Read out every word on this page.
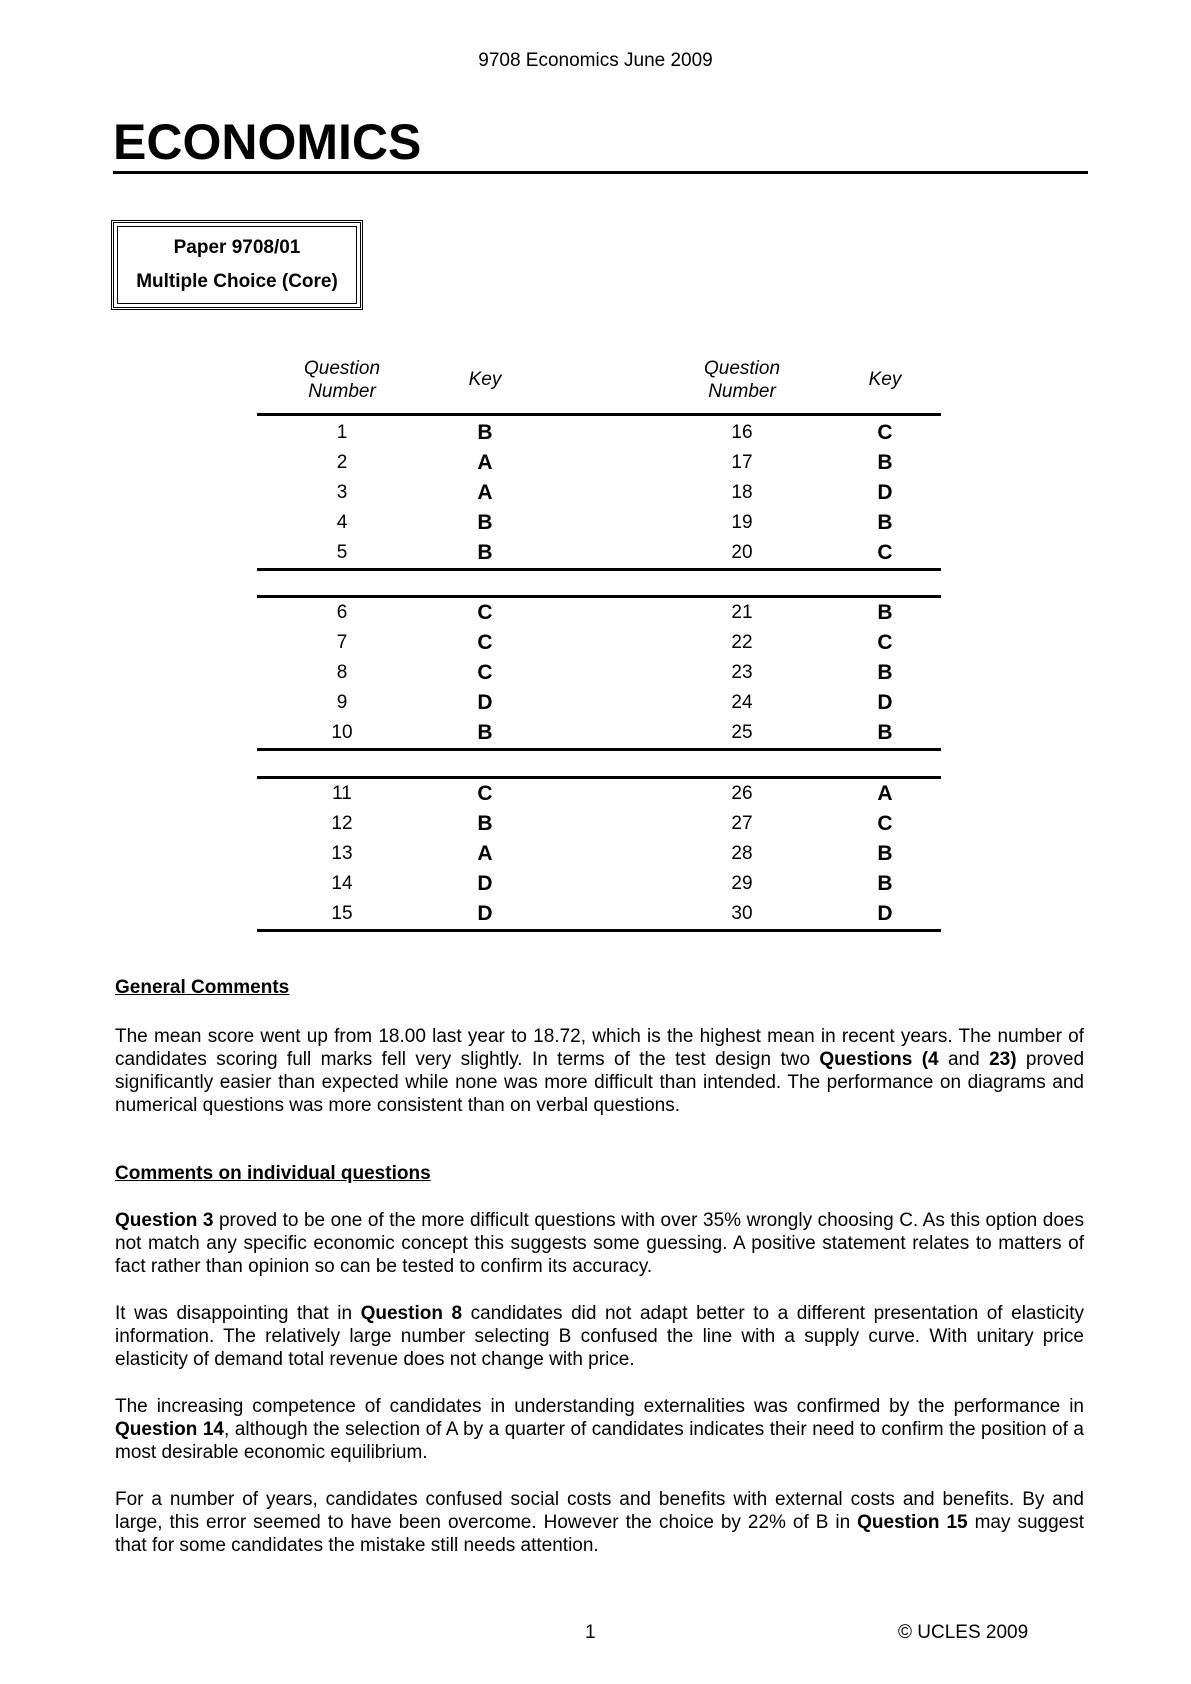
9708 Economics June 2009
ECONOMICS
Paper 9708/01
Multiple Choice (Core)
Question
Number
Key
Question
Number
Key
1	B	16	C
2	A	17	B
3	A	18	D
4	B	19	B
5	B	20	C
6	C	21	B
7	C	22	C
8	C	23	B
9	D	24	D
10	B	25	B
11	C	26	A
12	B	27	C
13	A	28	B
14	D	29	B
15	D	30	D
General Comments

The mean score went up from 18.00 last year to 18.72, which is the highest mean in recent years. The number of candidates scoring full marks fell very slightly. In terms of the test design two Questions (4 and 23) proved significantly easier than expected while none was more difficult than intended. The performance on diagrams and numerical questions was more consistent than on verbal questions.

Comments on individual questions

Question 3 proved to be one of the more difficult questions with over 35% wrongly choosing C. As this option does not match any specific economic concept this suggests some guessing. A positive statement relates to matters of fact rather than opinion so can be tested to confirm its accuracy.

It was disappointing that in Question 8 candidates did not adapt better to a different presentation of elasticity information. The relatively large number selecting B confused the line with a supply curve. With unitary price elasticity of demand total revenue does not change with price.

The increasing competence of candidates in understanding externalities was confirmed by the performance in Question 14, although the selection of A by a quarter of candidates indicates their need to confirm the position of a most desirable economic equilibrium.

For a number of years, candidates confused social costs and benefits with external costs and benefits. By and large, this error seemed to have been overcome. However the choice by 22% of B in Question 15 may suggest that for some candidates the mistake still needs attention.

1	© UCLES 2009
